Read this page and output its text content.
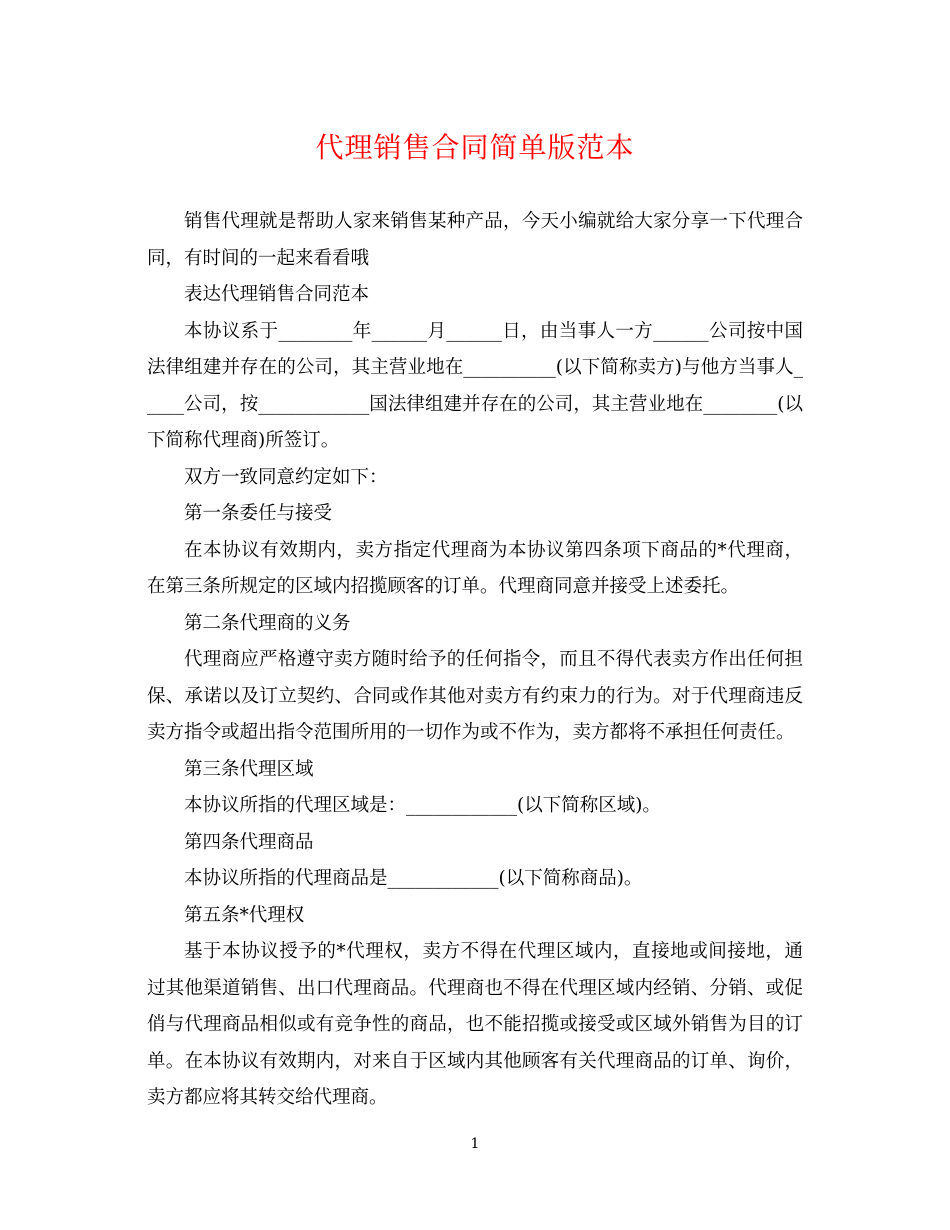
代理销售合同简单版范本

销售代理就是帮助人家来销售某种产品，今天小编就给大家分享一下代理合同，有时间的一起来看看哦

表达代理销售合同范本

本协议系于________年______月______日，由当事人一方______公司按中国法律组建并存在的公司，其主营业地在__________(以下简称卖方)与他方当事人_____公司，按____________国法律组建并存在的公司，其主营业地在________(以下简称代理商)所签订。

双方一致同意约定如下：

第一条委任与接受

在本协议有效期内，卖方指定代理商为本协议第四条项下商品的*代理商，在第三条所规定的区域内招揽顾客的订单。代理商同意并接受上述委托。

第二条代理商的义务

代理商应严格遵守卖方随时给予的任何指令，而且不得代表卖方作出任何担保、承诺以及订立契约、合同或作其他对卖方有约束力的行为。对于代理商违反卖方指令或超出指令范围所用的一切作为或不作为，卖方都将不承担任何责任。

第三条代理区域

本协议所指的代理区域是：____________(以下简称区域)。

第四条代理商品

本协议所指的代理商品是____________(以下简称商品)。

第五条*代理权

基于本协议授予的*代理权，卖方不得在代理区域内，直接地或间接地，通过其他渠道销售、出口代理商品。代理商也不得在代理区域内经销、分销、或促俏与代理商品相似或有竞争性的商品，也不能招揽或接受或区域外销售为目的订单。在本协议有效期内，对来自于区域内其他顾客有关代理商品的订单、询价，卖方都应将其转交给代理商。

1
